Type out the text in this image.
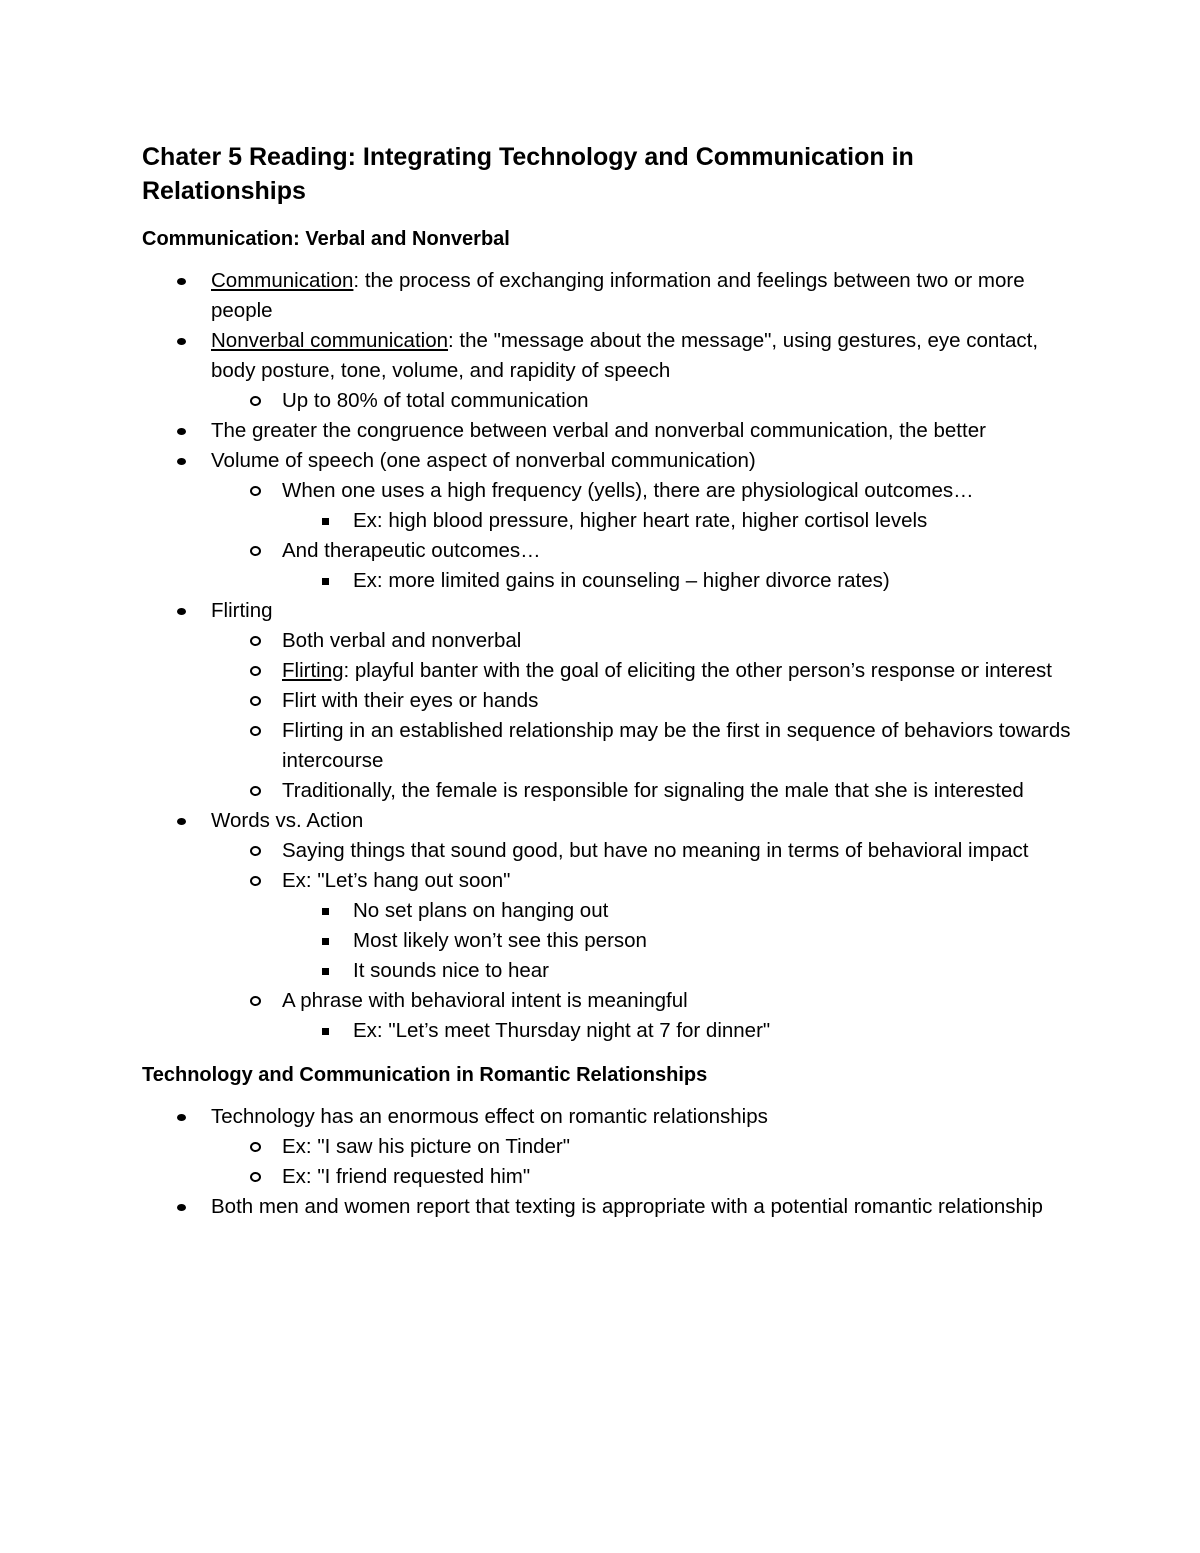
Chater 5 Reading: Integrating Technology and Communication in Relationships
Communication: Verbal and Nonverbal
Communication: the process of exchanging information and feelings between two or more people
Nonverbal communication: the "message about the message", using gestures, eye contact, body posture, tone, volume, and rapidity of speech
Up to 80% of total communication
The greater the congruence between verbal and nonverbal communication, the better
Volume of speech (one aspect of nonverbal communication)
When one uses a high frequency (yells), there are physiological outcomes…
Ex: high blood pressure, higher heart rate, higher cortisol levels
And therapeutic outcomes…
Ex: more limited gains in counseling – higher divorce rates)
Flirting
Both verbal and nonverbal
Flirting: playful banter with the goal of eliciting the other person’s response or interest
Flirt with their eyes or hands
Flirting in an established relationship may be the first in sequence of behaviors towards intercourse
Traditionally, the female is responsible for signaling the male that she is interested
Words vs. Action
Saying things that sound good, but have no meaning in terms of behavioral impact
Ex: "Let’s hang out soon"
No set plans on hanging out
Most likely won’t see this person
It sounds nice to hear
A phrase with behavioral intent is meaningful
Ex: "Let’s meet Thursday night at 7 for dinner"
Technology and Communication in Romantic Relationships
Technology has an enormous effect on romantic relationships
Ex: "I saw his picture on Tinder"
Ex: "I friend requested him"
Both men and women report that texting is appropriate with a potential romantic relationship
